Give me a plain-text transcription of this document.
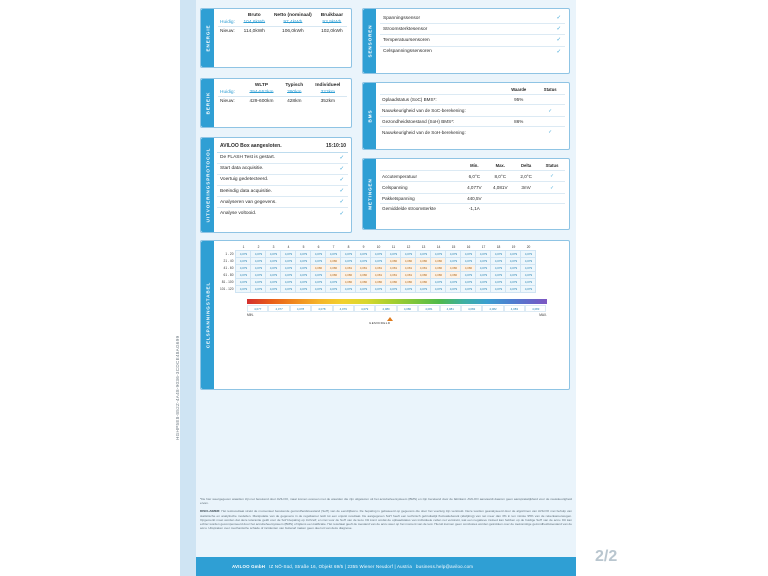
HGHP5E8-852Z-4A48-9036-3CDCE48AG699
ENERGIE
	Bruto	Netto (nominaal)	Bruikbaar
Huidig:	104,6kWh	97,4kWh	93,9kWh
Nieuw:	114,0kWh	106,0kWh	102,0kWh
BEREIK
	WLTP	Typisch	Individueel
Huidig:	394-552km	390km	323km
Nieuw:	429-600km	428km	352km
UITVOERINGSPROTOCOL
AVILOO Box aangesloten.	15:10:10
De FLASH Test is gestart.	✓
Start data acquisitie.	✓
Voertuig gedetecteerd.	✓
Beëindig data acquisitie.	✓
Analyseren van gegevens.	✓
Analyse voltooid.	✓
SENSOREN
Spanningssensor	✓
Stroomsterktesensor	✓
Temperatuursensoren	✓
Celspanningssensoren	✓
BMS
	Waarde	Status
Oplaadstatus (SoC) BMS*:	95%	
Nauwkeurigheid van de SoC-berekening:		✓
Gezondheidstoestand (SoH) BMS*:	86%	
Nauwkeurigheid van de SoH-berekening:		✓
METINGEN
	Min.	Max.	Delta	Status
Accutemperatuur	6,0°C	8,0°C	2,0°C	✓
Celspanning	4,077V	4,081V	3mV	✓
Pakketspanning	440,5V			
Gemiddelde stroomsterkte	-1,1A			
CELSPANNINGSTABEL
	1	2	3	4	5	6	7	8	9	10	11	12	13	14	15	16	17	18	19	20
1 - 20	4,079	4,079	4,079	4,079	4,079	4,079	4,079	4,079	4,079	4,079	4,079	4,079	4,079	4,079	4,079	4,079	4,079	4,079	4,079	4,079
21 - 40	4,079	4,079	4,079	4,079	4,079	4,079	4,080	4,079	4,079	4,079	4,080	4,080	4,080	4,080	4,079	4,079	4,079	4,079	4,079	4,079
41 - 60	4,079	4,079	4,079	4,079	4,079	4,080	4,080	4,081	4,081	4,081	4,081	4,081	4,081	4,080	4,080	4,080	4,079	4,079	4,079	4,079
61 - 80	4,079	4,079	4,079	4,079	4,079	4,079	4,080	4,080	4,080	4,081	4,081	4,081	4,080	4,080	4,080	4,079	4,079	4,079	4,079	4,079
81 - 100	4,079	4,079	4,079	4,079	4,079	4,079	4,079	4,080	4,080	4,080	4,080	4,080	4,080	4,079	4,079	4,079	4,079	4,079	4,079	4,079
101 - 120	4,079	4,079	4,079	4,079	4,079	4,079	4,079	4,079	4,079	4,079	4,079	4,079	4,079	4,079	4,079	4,079	4,079	4,079	4,079	4,079
4,077	4,077	4,078	4,078	4,079	4,079	4,080	4,080	4,081	4,081	4,082	4,082	4,083	4,083
MIN.	MAX.
GEMIDDELD
*De hier weergegeven waarden zijn net berekend door AVILOO, maar komen overeen met de waarden die zijn uitgelezen uit het accubeheersysteem (BMS) en zijn berekend door de fabrikant. AVILOO aanvaardt daarom geen aansprakelijkheid voor de nauwkeurigheid ervan.
DISCLAIMER: Het testresultaat strekt de momenteel berekende gezondheidstoestand (SoH) van de eendrijfaccu. De bepaling is gebaseerd op gegevens die door het voertuig zijn verstrekt. Deze worden geanalyseerd door de algoritmen van AVILOO met behulp van statistische en analytische modellen. Manipulatie van de gegevens in de regelkamer leidt tot een onjuist resultaat. De aangegeven SoH heeft een technisch gebruikelijk fluctuatiebereik (afwijking) van net meer dan 3% in ten minste 95% van de rekenkamerwegen. Opgemerkt moet worden dat deze tolerantie geldt voor de SoH-bepaling op zichzelf; en niet voor de SoH van de ketu. Dit komt omdat de opbaadstatus van individuele cellen net verstrekt, wat een negatieve invloed kan hebben op de huidige SoH van de accu. Dit kan echter worden gecompenseerd door het accubeheersysteem (BMS) of tijdens een kalibratie. Het resultaat geeft de toestand van de accu weer op het moment van de test. Hieruit kunnen geen conclusies worden getrokken over de toekomstige gezondheidstoestand van de accu. Uitspraken over mechanische schade of incidenten van buitenaf maken geen deel uit van deze diagnose.
AVILOO GmbH IZ NÖ-Süd, Straße 16, Objekt 69/5 | 2355 Wiener Neudorf | Austria business.help@aviloo.com
2/2
